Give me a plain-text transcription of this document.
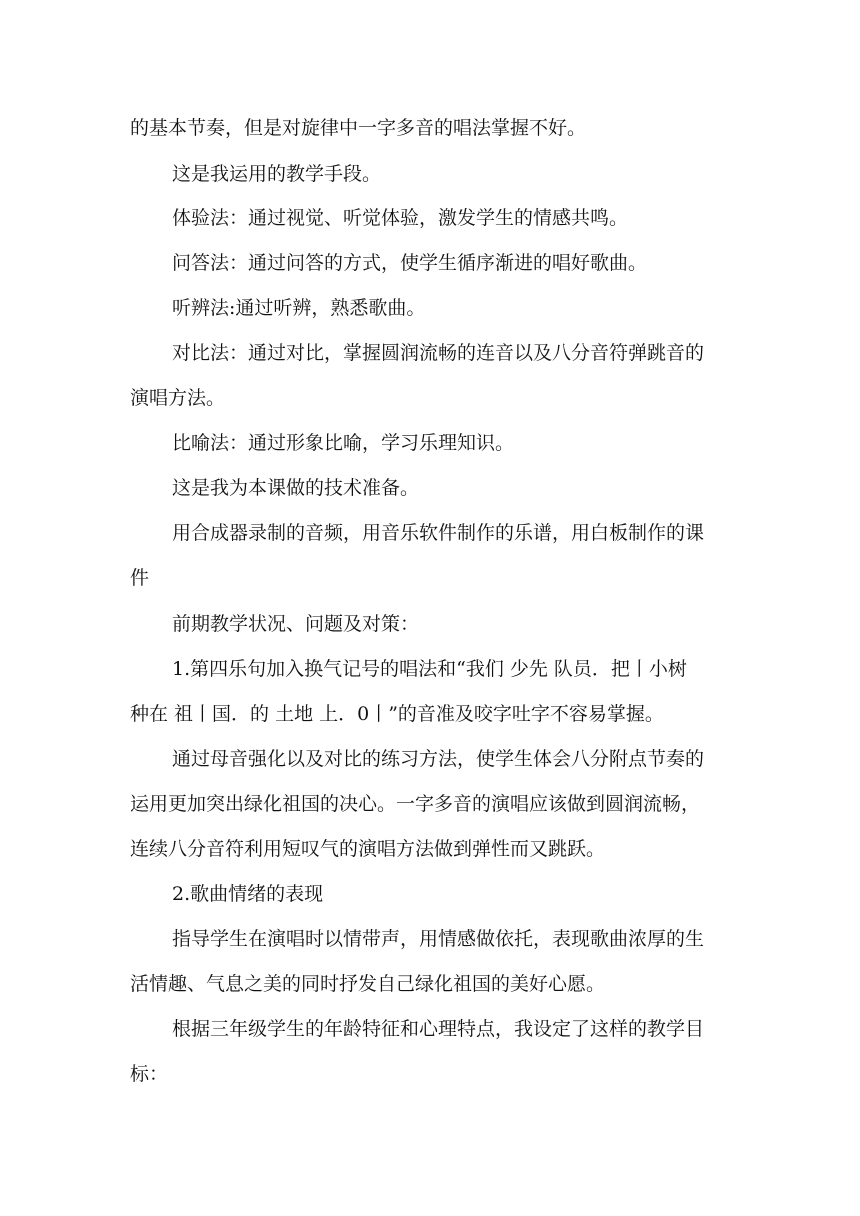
的基本节奏，但是对旋律中一字多音的唱法掌握不好。
这是我运用的教学手段。
体验法：通过视觉、听觉体验，激发学生的情感共鸣。
问答法：通过问答的方式，使学生循序渐进的唱好歌曲。
听辨法:通过听辨，熟悉歌曲。
对比法：通过对比，掌握圆润流畅的连音以及八分音符弹跳音的
演唱方法。
比喻法：通过形象比喻，学习乐理知识。
这是我为本课做的技术准备。
用合成器录制的音频，用音乐软件制作的乐谱，用白板制作的课
件
前期教学状况、问题及对策：
1.第四乐句加入换气记号的唱法和“我们 少先 队员．把丨小树
种在 祖丨国．的 土地 上．0丨”的音准及咬字吐字不容易掌握。
通过母音强化以及对比的练习方法，使学生体会八分附点节奏的
运用更加突出绿化祖国的决心。一字多音的演唱应该做到圆润流畅，
连续八分音符利用短叹气的演唱方法做到弹性而又跳跃。
2.歌曲情绪的表现
指导学生在演唱时以情带声，用情感做依托，表现歌曲浓厚的生
活情趣、气息之美的同时抒发自己绿化祖国的美好心愿。
根据三年级学生的年龄特征和心理特点，我设定了这样的教学目
标：
